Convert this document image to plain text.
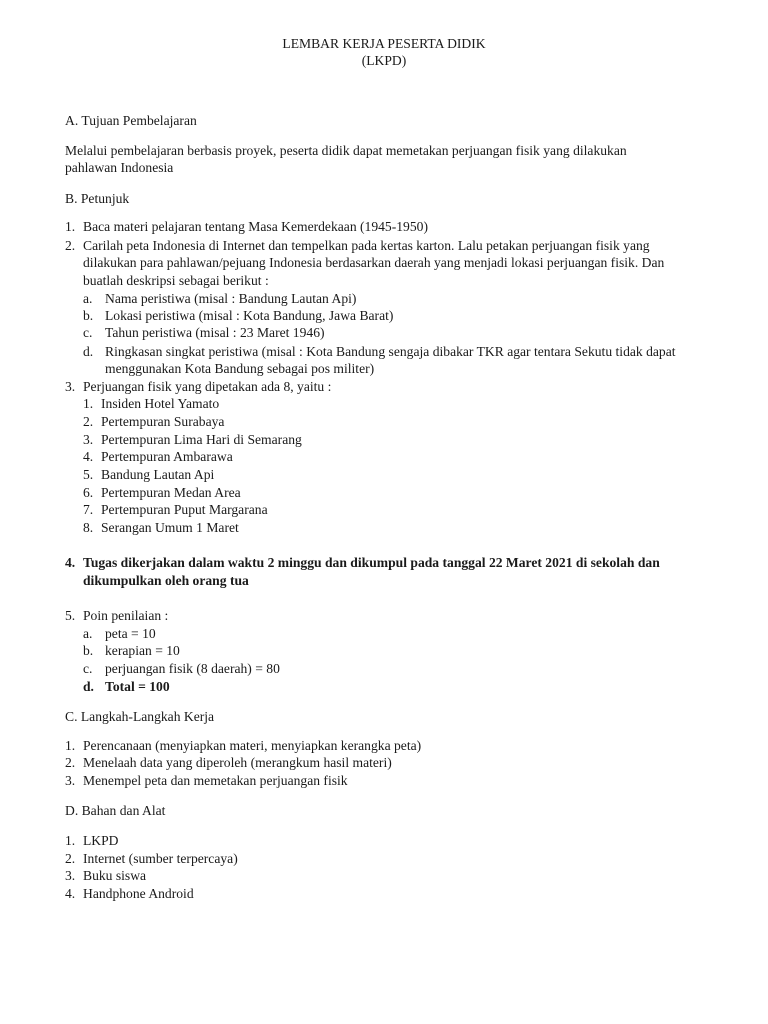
LEMBAR KERJA PESERTA DIDIK
(LKPD)
A. Tujuan Pembelajaran
Melalui pembelajaran berbasis proyek, peserta didik dapat memetakan perjuangan fisik yang dilakukan
pahlawan Indonesia
B. Petunjuk
1. Baca materi pelajaran tentang Masa Kemerdekaan (1945-1950)
2. Carilah peta Indonesia di Internet dan tempelkan pada kertas karton. Lalu petakan perjuangan fisik yang
dilakukan para pahlawan/pejuang Indonesia berdasarkan daerah yang menjadi lokasi perjuangan fisik. Dan
buatlah deskripsi sebagai berikut :
a. Nama peristiwa (misal : Bandung Lautan Api)
b. Lokasi peristiwa (misal : Kota Bandung, Jawa Barat)
c. Tahun peristiwa (misal : 23 Maret 1946)
d. Ringkasan singkat peristiwa (misal : Kota Bandung sengaja dibakar TKR agar tentara Sekutu tidak dapat
menggunakan Kota Bandung sebagai pos militer)
3. Perjuangan fisik yang dipetakan ada 8, yaitu :
1. Insiden Hotel Yamato
2. Pertempuran Surabaya
3. Pertempuran Lima Hari di Semarang
4. Pertempuran Ambarawa
5. Bandung Lautan Api
6. Pertempuran Medan Area
7. Pertempuran Puput Margarana
8. Serangan Umum 1 Maret
4. Tugas dikerjakan dalam waktu 2 minggu dan dikumpul pada tanggal 22 Maret 2021 di sekolah dan
dikumpulkan oleh orang tua
5. Poin penilaian :
a. peta = 10
b. kerapian = 10
c. perjuangan fisik (8 daerah) = 80
d. Total = 100
C. Langkah-Langkah Kerja
1. Perencanaan (menyiapkan materi, menyiapkan kerangka peta)
2. Menelaah data yang diperoleh (merangkum hasil materi)
3. Menempel peta dan memetakan perjuangan fisik
D. Bahan dan Alat
1. LKPD
2. Internet (sumber terpercaya)
3. Buku siswa
4. Handphone Android
